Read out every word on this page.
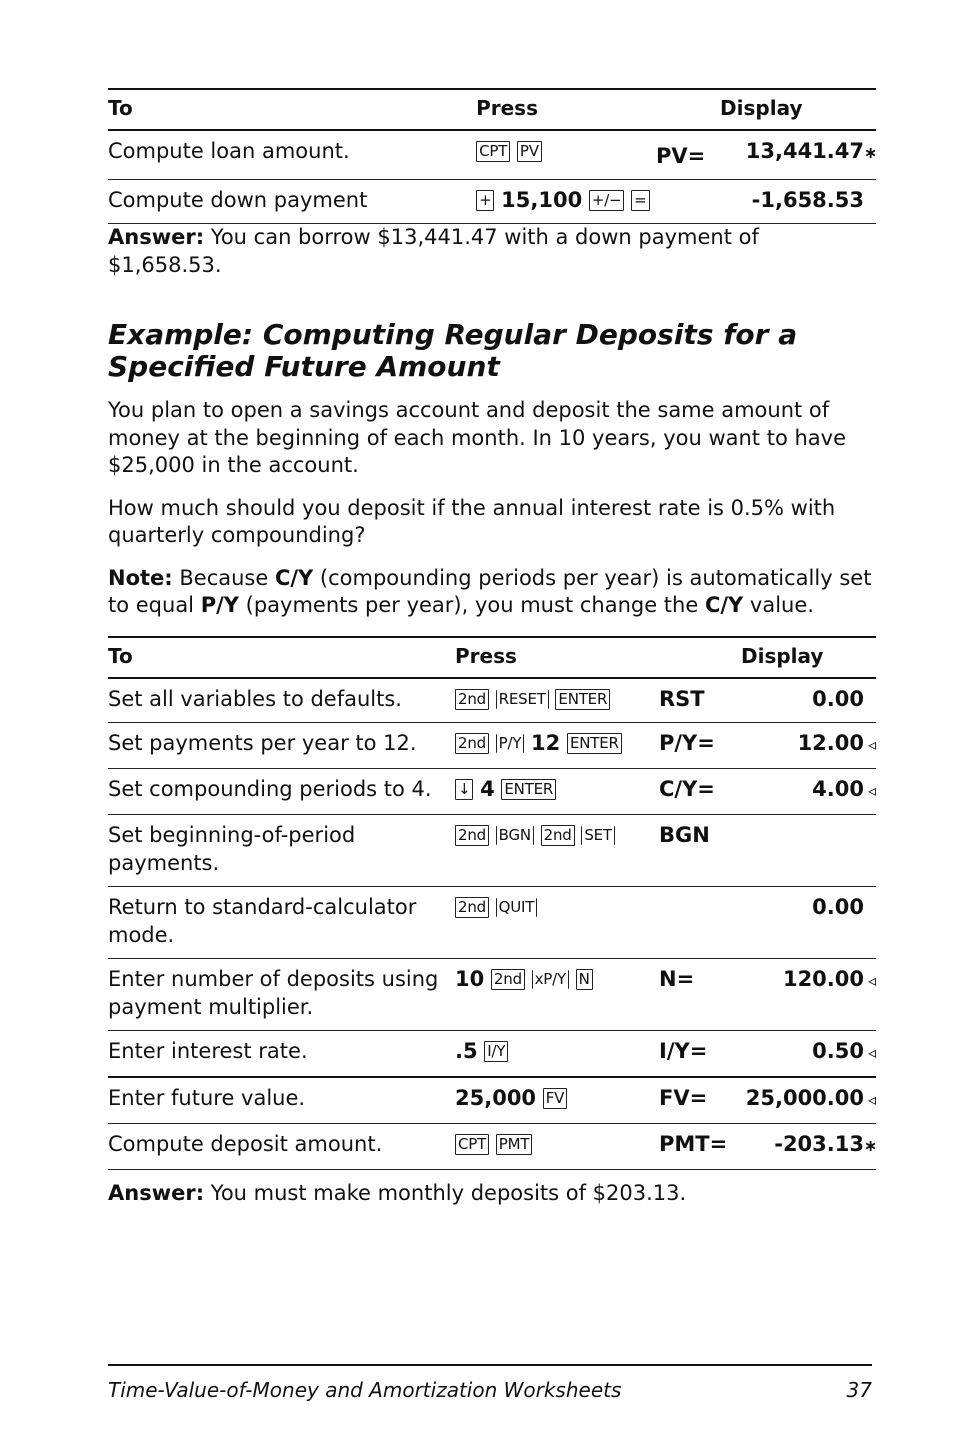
To	Press	Display	
Compute loan amount.	CPT PV	PV=	13,441.47∗
Compute down payment	+ 15,100 +/− =		-1,658.53

Answer: You can borrow $13,441.47 with a down payment of $1,658.53.

Example: Computing Regular Deposits for a Specified Future Amount

You plan to open a savings account and deposit the same amount of money at the beginning of each month. In 10 years, you want to have $25,000 in the account.

How much should you deposit if the annual interest rate is 0.5% with quarterly compounding?

Note: Because C/Y (compounding periods per year) is automatically set to equal P/Y (payments per year), you must change the C/Y value.

To	Press	Display	
Set all variables to defaults.	2nd RESET ENTER	RST	0.00
Set payments per year to 12.	2nd P/Y 12 ENTER	P/Y=	12.00 ◃
Set compounding periods to 4.	↓ 4 ENTER	C/Y=	4.00 ◃
Set beginning-of-period payments.	2nd BGN 2nd SET	BGN	
Return to standard-calculator mode.	2nd QUIT		0.00
Enter number of deposits using payment multiplier.	10 2nd xP/Y N	N=	120.00 ◃
Enter interest rate.	.5 I/Y	I/Y=	0.50 ◃
Enter future value.	25,000 FV	FV=	25,000.00 ◃
Compute deposit amount.	CPT PMT	PMT=	-203.13∗

Answer: You must make monthly deposits of $203.13.

Time-Value-of-Money and Amortization Worksheets	37
